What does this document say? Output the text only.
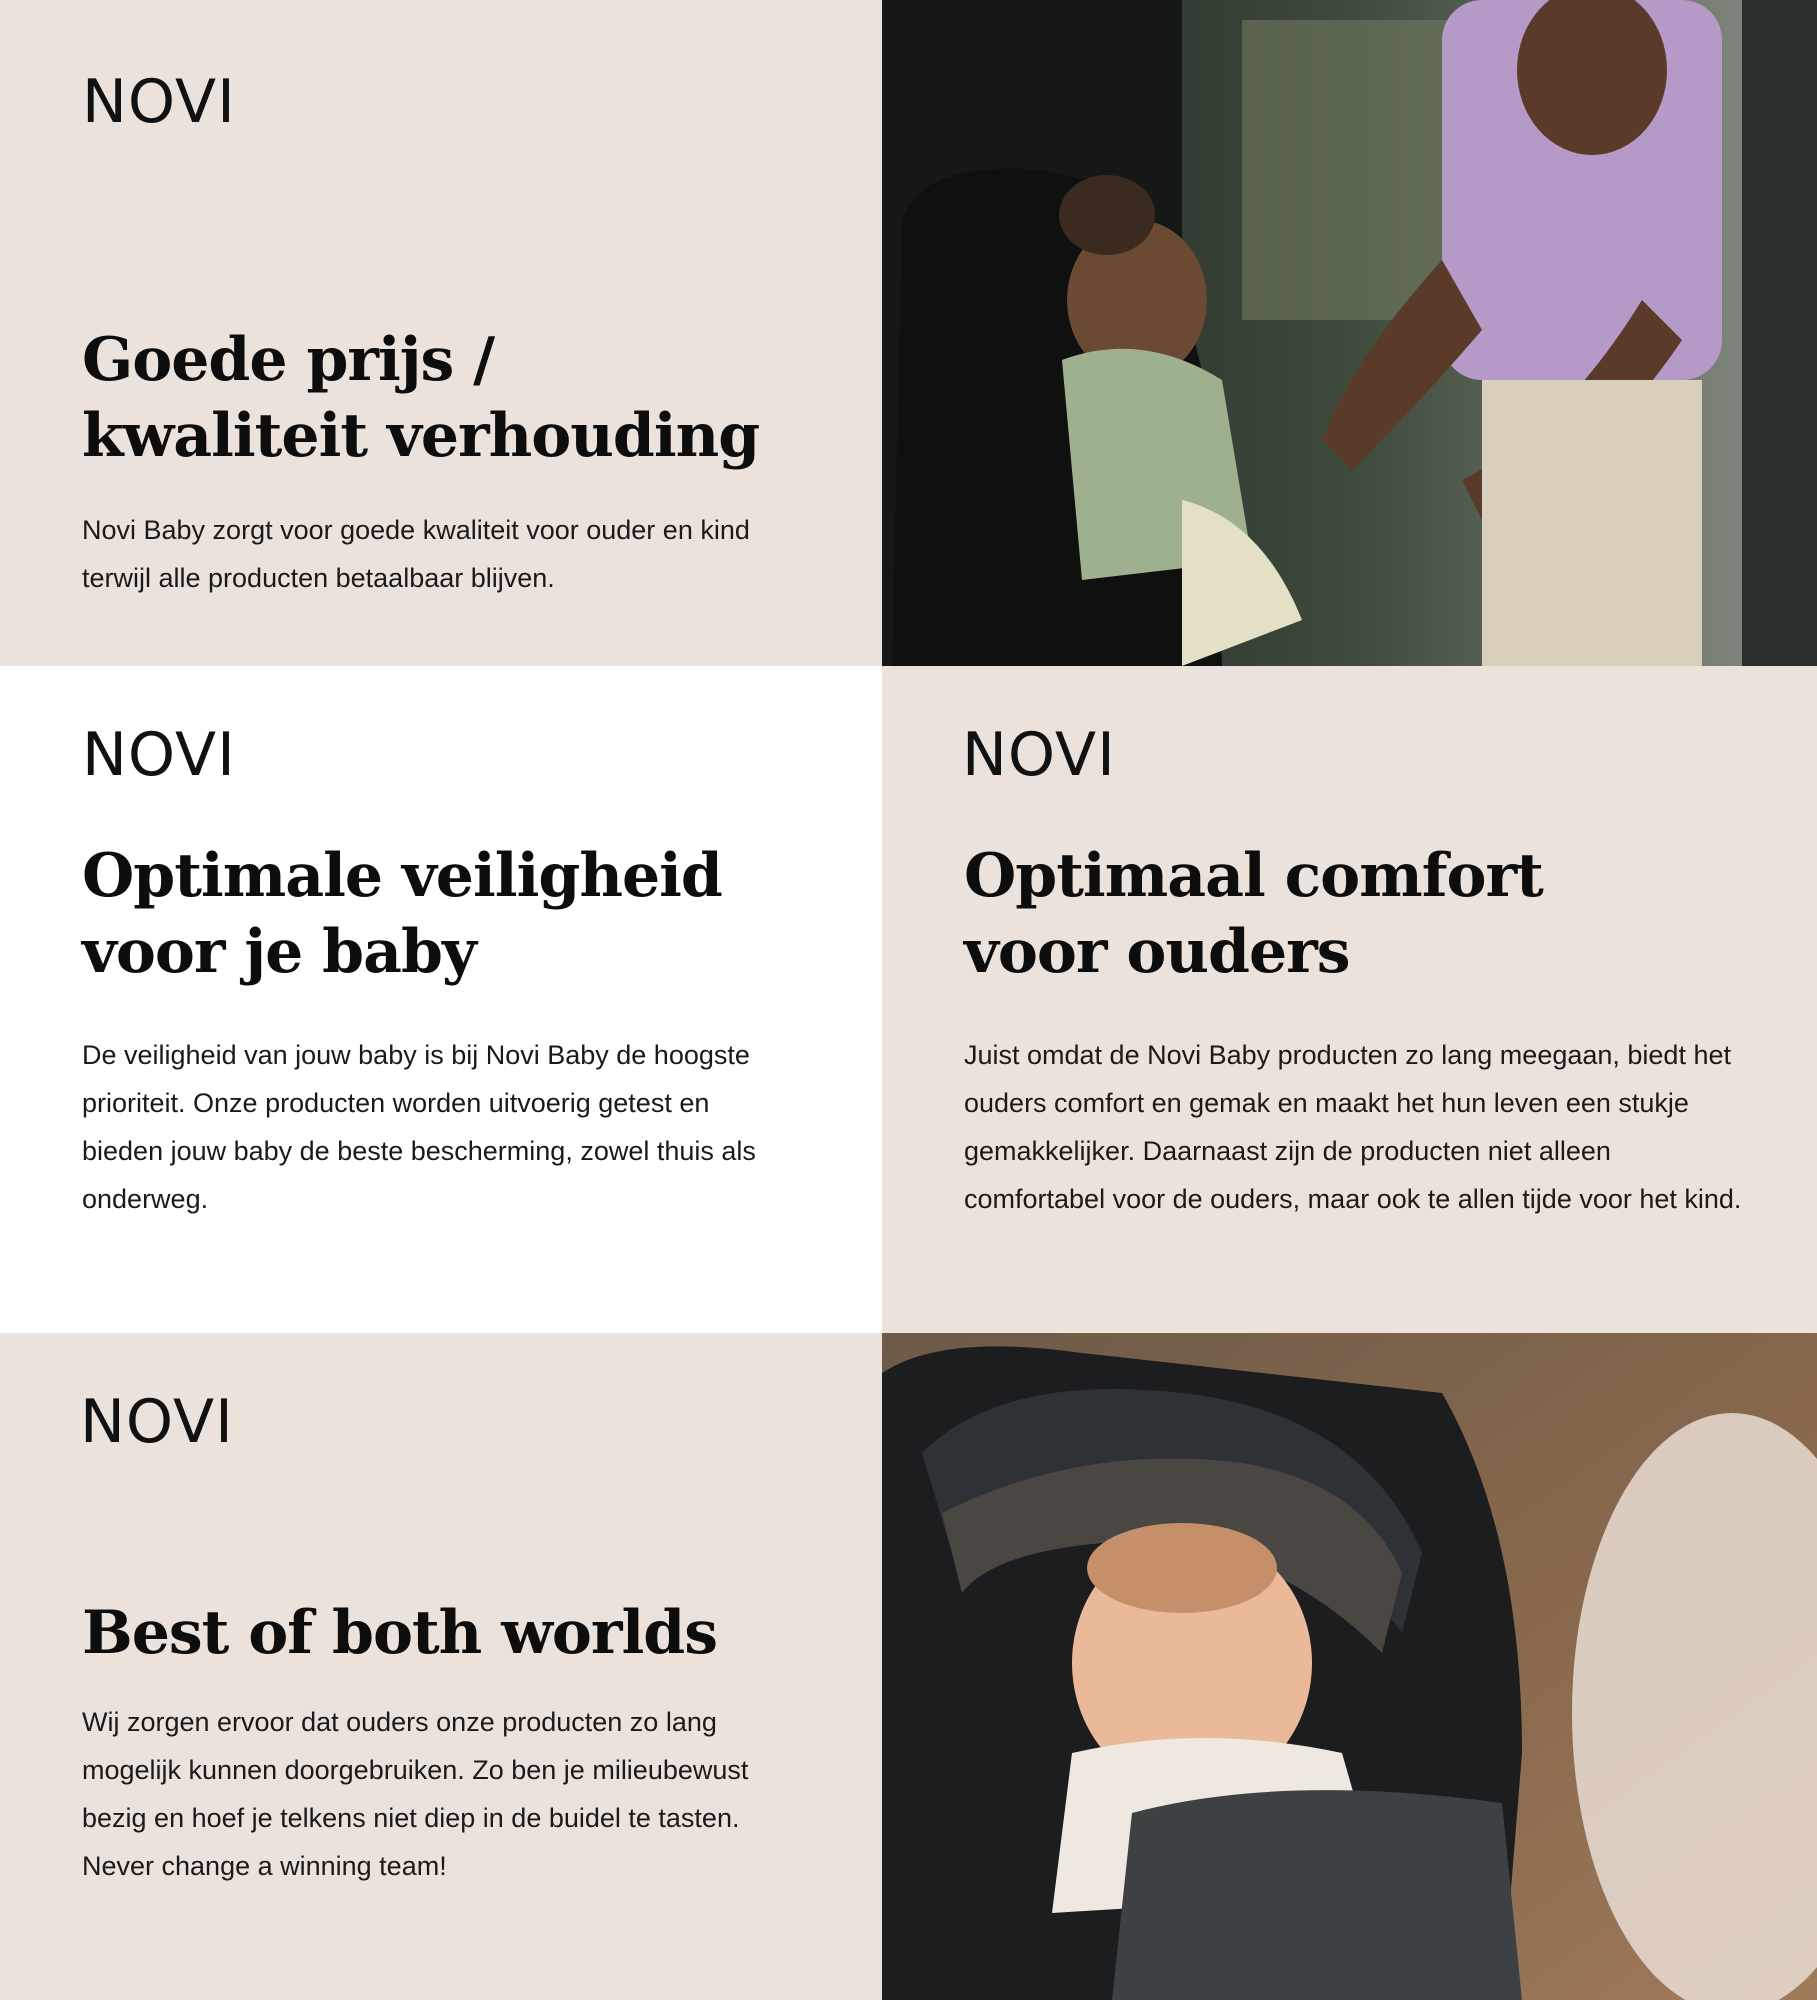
NOVI
Goede prijs /
kwaliteit verhouding

Novi Baby zorgt voor goede kwaliteit voor ouder en kind terwijl alle producten betaalbaar blijven.

NOVI
Optimale veiligheid
voor je baby

De veiligheid van jouw baby is bij Novi Baby de hoogste prioriteit. Onze producten worden uitvoerig getest en bieden jouw baby de beste bescherming, zowel thuis als onderweg.

NOVI
Optimaal comfort
voor ouders

Juist omdat de Novi Baby producten zo lang meegaan, biedt het ouders comfort en gemak en maakt het hun leven een stukje gemakkelijker. Daarnaast zijn de producten niet alleen comfortabel voor de ouders, maar ook te allen tijde voor het kind.

NOVI
Best of both worlds

Wij zorgen ervoor dat ouders onze producten zo lang mogelijk kunnen doorgebruiken. Zo ben je milieubewust bezig en hoef je telkens niet diep in de buidel te tasten. Never change a winning team!
